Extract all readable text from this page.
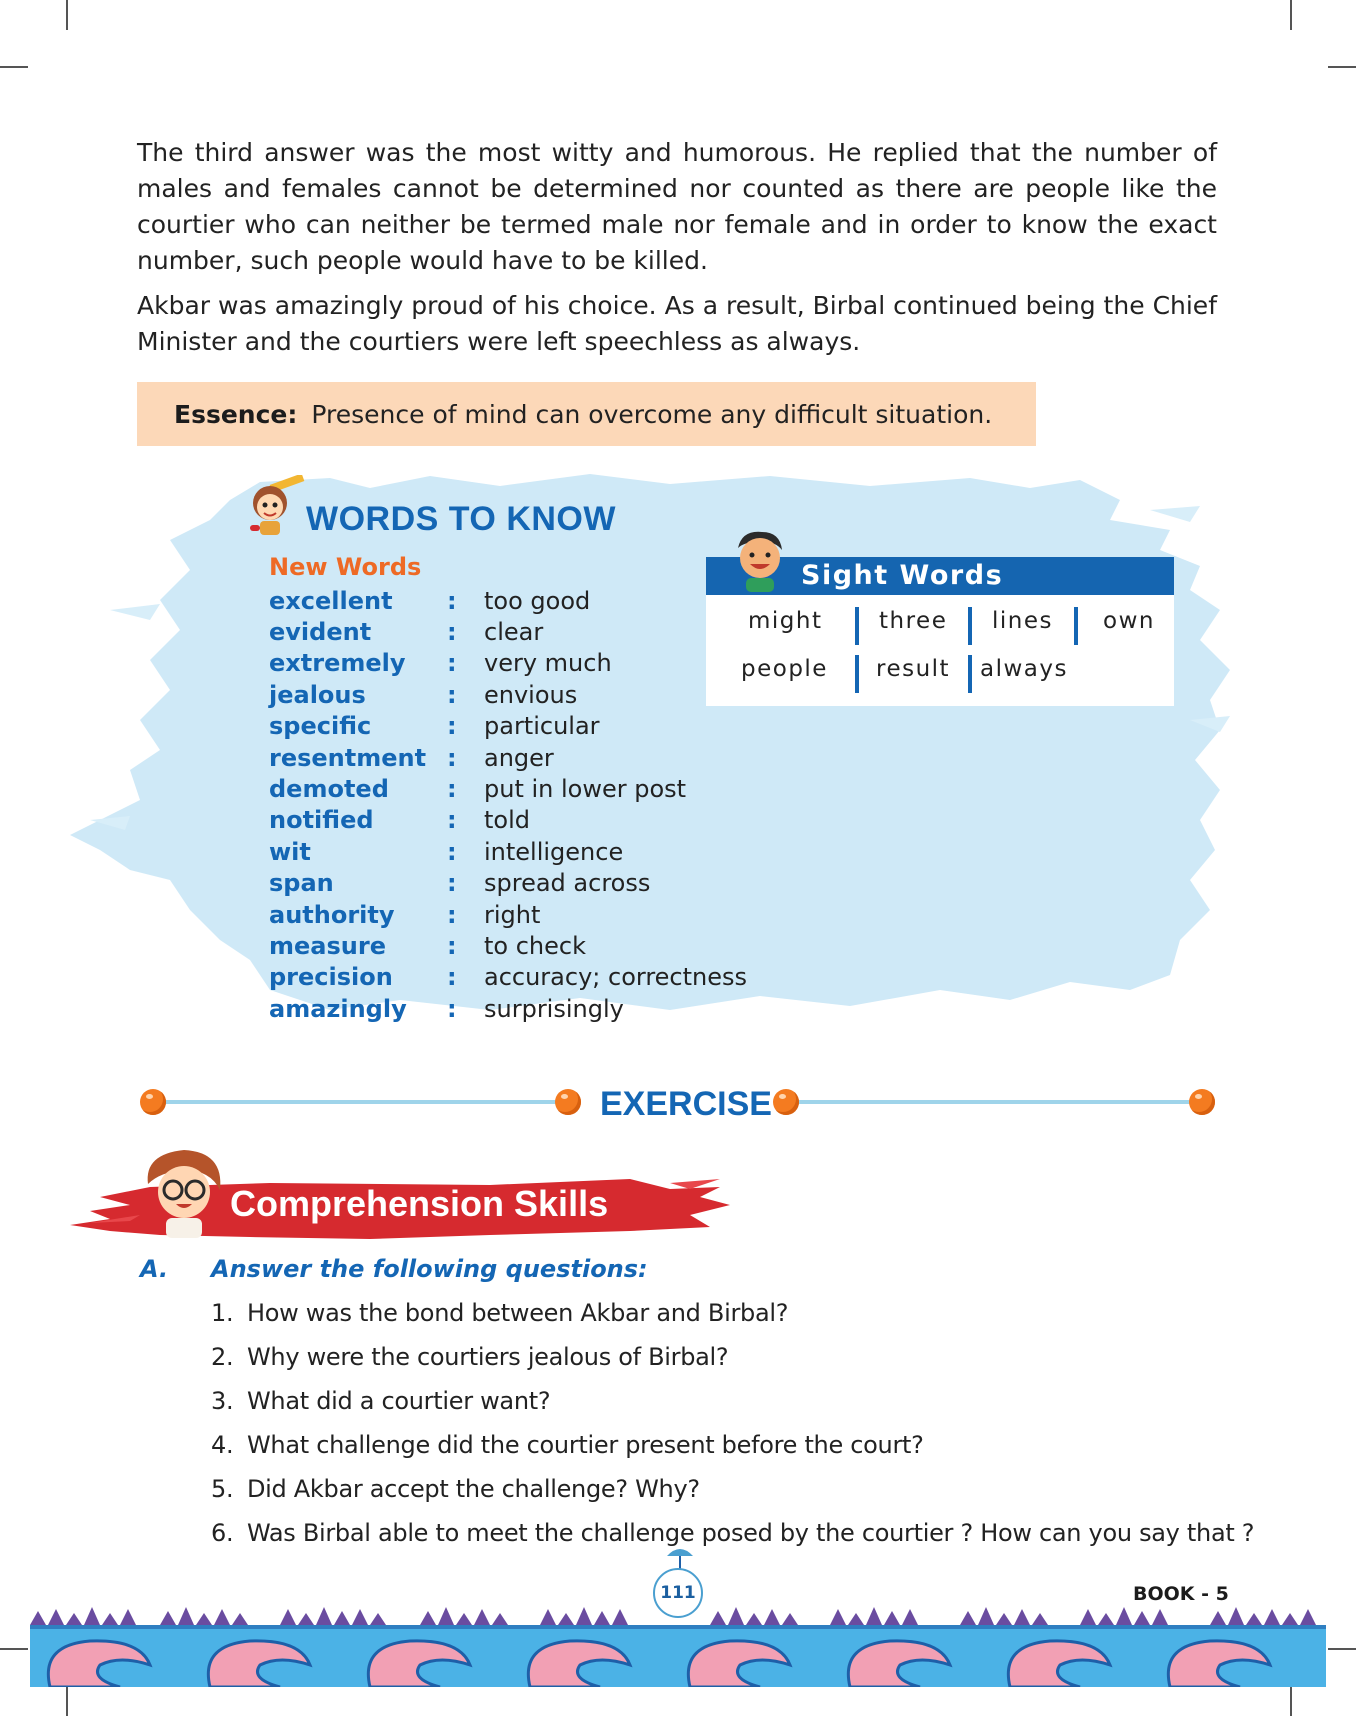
The third answer was the most witty and humorous. He replied that the number of males and females cannot be determined nor counted as there are people like the courtier who can neither be termed male nor female and in order to know the exact number, such people would have to be killed.

Akbar was amazingly proud of his choice. As a result, Birbal continued being the Chief Minister and the courtiers were left speechless as always.

Essence: Presence of mind can overcome any difficult situation.
WORDS TO KNOW
New Words
excellent	:	too good
evident	:	clear
extremely	:	very much
jealous	:	envious
specific	:	particular
resentment :	anger
demoted	:	put in lower post
notified	:	told
wit	:	intelligence
span	:	spread across
authority	:	right
measure	:	to check
precision	:	accuracy; correctness
amazingly	:	surprisingly
Sight Words
might three lines own
people result always
EXERCISE
Comprehension Skills
A. Answer the following questions:
1. How was the bond between Akbar and Birbal?
2. Why were the courtiers jealous of Birbal?
3. What did a courtier want?
4. What challenge did the courtier present before the court?
5. Did Akbar accept the challenge? Why?
6. Was Birbal able to meet the challenge posed by the courtier ? How can you say that ?
111	BOOK - 5
